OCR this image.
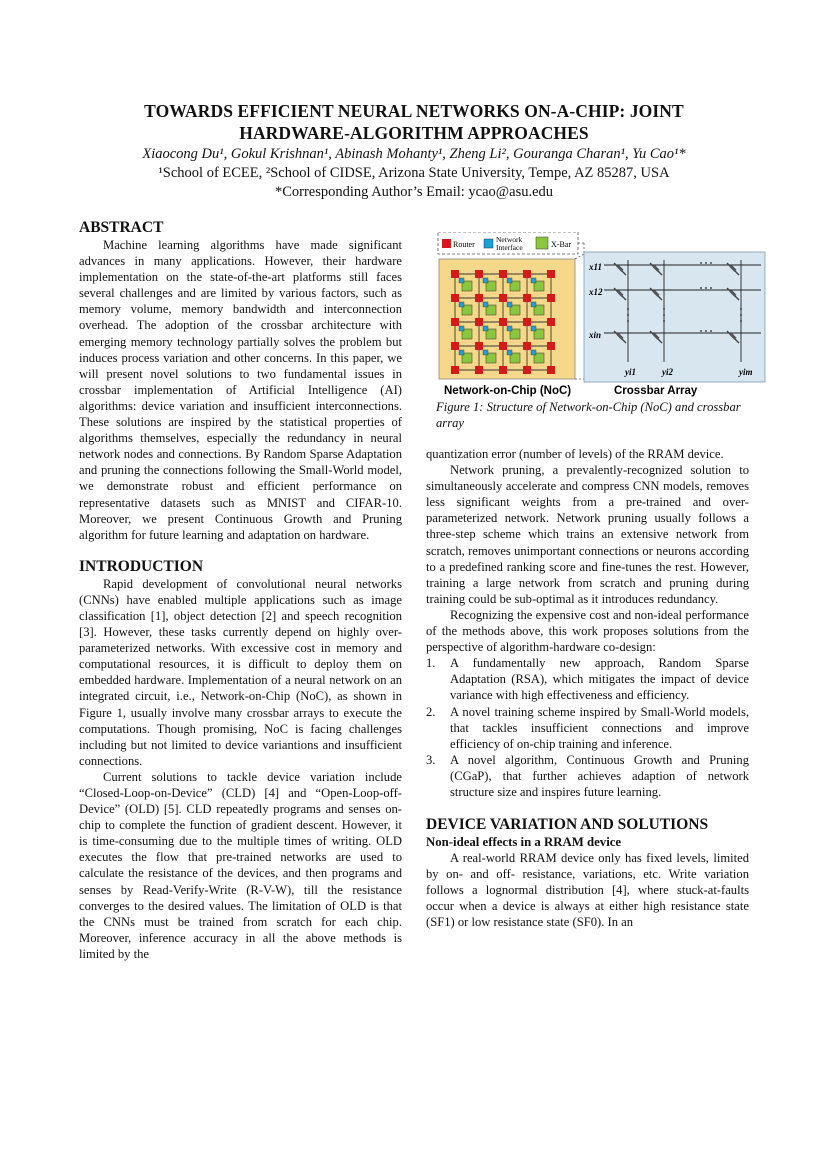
TOWARDS EFFICIENT NEURAL NETWORKS ON-A-CHIP: JOINT
HARDWARE-ALGORITHM APPROACHES
Xiaocong Du¹, Gokul Krishnan¹, Abinash Mohanty¹, Zheng Li², Gouranga Charan¹, Yu Cao¹*
¹School of ECEE, ²School of CIDSE, Arizona State University, Tempe, AZ 85287, USA
*Corresponding Author’s Email: ycao@asu.edu
ABSTRACT

Machine learning algorithms have made significant advances in many applications. However, their hardware implementation on the state-of-the-art platforms still faces several challenges and are limited by various factors, such as memory volume, memory bandwidth and interconnection overhead. The adoption of the crossbar architecture with emerging memory technology partially solves the problem but induces process variation and other concerns. In this paper, we will present novel solutions to two fundamental issues in crossbar implementation of Artificial Intelligence (AI) algorithms: device variation and insufficient interconnections. These solutions are inspired by the statistical properties of algorithms themselves, especially the redundancy in neural network nodes and connections. By Random Sparse Adaptation and pruning the connections following the Small-World model, we demonstrate robust and efficient performance on representative datasets such as MNIST and CIFAR-10. Moreover, we present Continuous Growth and Pruning algorithm for future learning and adaptation on hardware.

INTRODUCTION

Rapid development of convolutional neural networks (CNNs) have enabled multiple applications such as image classification [1], object detection [2] and speech recognition [3]. However, these tasks currently depend on highly over-parameterized networks. With excessive cost in memory and computational resources, it is difficult to deploy them on embedded hardware. Implementation of a neural network on an integrated circuit, i.e., Network-on-Chip (NoC), as shown in Figure 1, usually involve many crossbar arrays to execute the computations. Though promising, NoC is facing challenges including but not limited to device variantions and insufficient connections.

Current solutions to tackle device variation include “Closed-Loop-on-Device” (CLD) [4] and “Open-Loop-off-Device” (OLD) [5]. CLD repeatedly programs and senses on-chip to complete the function of gradient descent. However, it is time-consuming due to the multiple times of writing. OLD executes the flow that pre-trained networks are used to calculate the resistance of the devices, and then programs and senses by Read-Verify-Write (R-V-W), till the resistance converges to the desired values. The limitation of OLD is that the CNNs must be trained from scratch for each chip. Moreover, inference accuracy in all the above methods is limited by the

Router
Network
Interface	X-Bar
x11
x12
xin
yi1	yi2	yim
Network-on-Chip (NoC)	Crossbar Array
Figure 1: Structure of Network-on-Chip (NoC) and crossbar array

quantization error (number of levels) of the RRAM device.

Network pruning, a prevalently-recognized solution to simultaneously accelerate and compress CNN models, removes less significant weights from a pre-trained and over-parameterized network. Network pruning usually follows a three-step scheme which trains an extensive network from scratch, removes unimportant connections or neurons according to a predefined ranking score and fine-tunes the rest. However, training a large network from scratch and pruning during training could be sub-optimal as it introduces redundancy.

Recognizing the expensive cost and non-ideal performance of the methods above, this work proposes solutions from the perspective of algorithm-hardware co-design:

1. A fundamentally new approach, Random Sparse Adaptation (RSA), which mitigates the impact of device variance with high effectiveness and efficiency.
2. A novel training scheme inspired by Small-World models, that tackles insufficient connections and improve efficiency of on-chip training and inference.
3. A novel algorithm, Continuous Growth and Pruning (CGaP), that further achieves adaption of network structure size and inspires future learning.
DEVICE VARIATION AND SOLUTIONS
Non-ideal effects in a RRAM device

A real-world RRAM device only has fixed levels, limited by on- and off- resistance, variations, etc. Write variation follows a lognormal distribution [4], where stuck-at-faults occur when a device is always at either high resistance state (SF1) or low resistance state (SF0). In an
